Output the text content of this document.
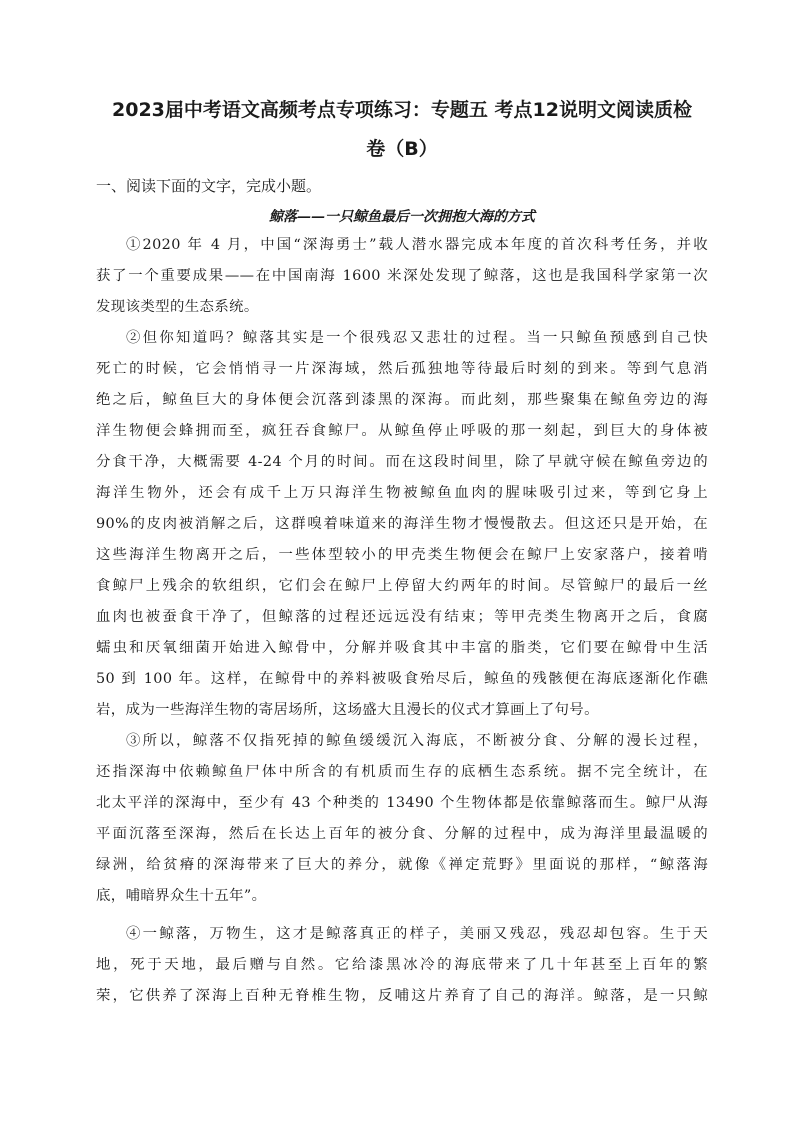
2023届中考语文高频考点专项练习：专题五 考点12说明文阅读质检
卷（B）

一、阅读下面的文字，完成小题。

鲸落——一只鲸鱼最后一次拥抱大海的方式

①2020 年 4 月，中国“深海勇士”载人潜水器完成本年度的首次科考任务，并收
获了一个重要成果——在中国南海 1600 米深处发现了鲸落，这也是我国科学家第一次
发现该类型的生态系统。
②但你知道吗？鲸落其实是一个很残忍又悲壮的过程。当一只鲸鱼预感到自己快
死亡的时候，它会悄悄寻一片深海域，然后孤独地等待最后时刻的到来。等到气息消
绝之后，鲸鱼巨大的身体便会沉落到漆黑的深海。而此刻，那些聚集在鲸鱼旁边的海
洋生物便会蜂拥而至，疯狂吞食鲸尸。从鲸鱼停止呼吸的那一刻起，到巨大的身体被
分食干净，大概需要 4-24 个月的时间。而在这段时间里，除了早就守候在鲸鱼旁边的
海洋生物外，还会有成千上万只海洋生物被鲸鱼血肉的腥味吸引过来，等到它身上
90%的皮肉被消解之后，这群嗅着味道来的海洋生物才慢慢散去。但这还只是开始，在
这些海洋生物离开之后，一些体型较小的甲壳类生物便会在鲸尸上安家落户，接着啃
食鲸尸上残余的软组织，它们会在鲸尸上停留大约两年的时间。尽管鲸尸的最后一丝
血肉也被蚕食干净了，但鲸落的过程还远远没有结束；等甲壳类生物离开之后，食腐
蠕虫和厌氧细菌开始进入鲸骨中，分解并吸食其中丰富的脂类，它们要在鲸骨中生活
50 到 100 年。这样，在鲸骨中的养料被吸食殆尽后，鲸鱼的残骸便在海底逐渐化作礁
岩，成为一些海洋生物的寄居场所，这场盛大且漫长的仪式才算画上了句号。
③所以，鲸落不仅指死掉的鲸鱼缓缓沉入海底，不断被分食、分解的漫长过程，
还指深海中依赖鲸鱼尸体中所含的有机质而生存的底栖生态系统。据不完全统计，在
北太平洋的深海中，至少有 43 个种类的 13490 个生物体都是依靠鲸落而生。鲸尸从海
平面沉落至深海，然后在长达上百年的被分食、分解的过程中，成为海洋里最温暖的
绿洲，给贫瘠的深海带来了巨大的养分，就像《禅定荒野》里面说的那样，“鲸落海
底，哺暗界众生十五年”。
④一鲸落，万物生，这才是鲸落真正的样子，美丽又残忍，残忍却包容。生于天
地，死于天地，最后赠与自然。它给漆黑冰冷的海底带来了几十年甚至上百年的繁
荣，它供养了深海上百种无脊椎生物，反哺这片养育了自己的海洋。鲸落，是一只鲸
